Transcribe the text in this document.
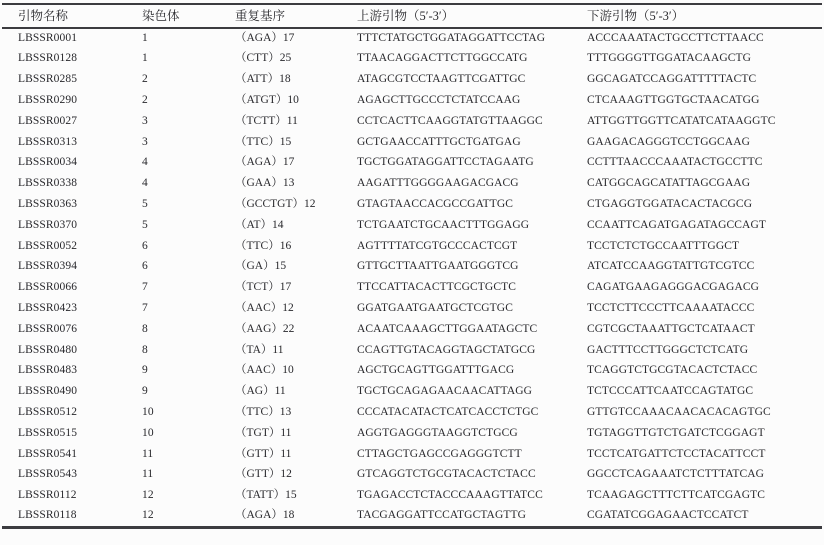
引物名称	染色体	重复基序	上游引物（5′-3′）	下游引物（5′-3′）
LBSSR0001	1	（AGA）17	TTTCTATGCTGGATAGGATTCCTAG	ACCCAAATACTGCCTTCTTAACC
LBSSR0128	1	（CTT）25	TTAACAGGACTTCTTGGCCATG	TTTGGGGTTGGATACAAGCTG
LBSSR0285	2	（ATT）18	ATAGCGTCCTAAGTTCGATTGC	GGCAGATCCAGGATTTTTACTC
LBSSR0290	2	（ATGT）10	AGAGCTTGCCCTCTATCCAAG	CTCAAAGTTGGTGCTAACATGG
LBSSR0027	3	（TCTT）11	CCTCACTTCAAGGTATGTTAAGGC	ATTGGTTGGTTCATATCATAAGGTC
LBSSR0313	3	（TTC）15	GCTGAACCATTTGCTGATGAG	GAAGACAGGGTCCTGGCAAG
LBSSR0034	4	（AGA）17	TGCTGGATAGGATTCCTAGAATG	CCTTTAACCCAAATACTGCCTTC
LBSSR0338	4	（GAA）13	AAGATTTGGGGAAGACGACG	CATGGCAGCATATTAGCGAAG
LBSSR0363	5	（GCCTGT）12	GTAGTAACCACGCCGATTGC	CTGAGGTGGATACACTACGCG
LBSSR0370	5	（AT）14	TCTGAATCTGCAACTTTGGAGG	CCAATTCAGATGAGATAGCCAGT
LBSSR0052	6	（TTC）16	AGTTTTATCGTGCCCACTCGT	TCCTCTCTGCCAATTTGGCT
LBSSR0394	6	（GA）15	GTTGCTTAATTGAATGGGTCG	ATCATCCAAGGTATTGTCGTCC
LBSSR0066	7	（TCT）17	TTCCATTACACTTCGCTGCTC	CAGATGAAGAGGGACGAGACG
LBSSR0423	7	（AAC）12	GGATGAATGAATGCTCGTGC	TCCTCTTCCCTTCAAAATACCC
LBSSR0076	8	（AAG）22	ACAATCAAAGCTTGGAATAGCTC	CGTCGCTAAATTGCTCATAACT
LBSSR0480	8	（TA）11	CCAGTTGTACAGGTAGCTATGCG	GACTTTCCTTGGGCTCTCATG
LBSSR0483	9	（AAC）10	AGCTGCAGTTGGATTTGACG	TCAGGTCTGCGTACACTCTACC
LBSSR0490	9	（AG）11	TGCTGCAGAGAACAACATTAGG	TCTCCCATTCAATCCAGTATGC
LBSSR0512	10	（TTC）13	CCCATACATACTCATCACCTCTGC	GTTGTCCAAACAACACACAGTGC
LBSSR0515	10	（TGT）11	AGGTGAGGGTAAGGTCTGCG	TGTAGGTTGTCTGATCTCGGAGT
LBSSR0541	11	（GTT）11	CTTAGCTGAGCCGAGGGTCTT	TCCTCATGATTCTCCTACATTCCT
LBSSR0543	11	（GTT）12	GTCAGGTCTGCGTACACTCTACC	GGCCTCAGAAATCTCTTTATCAG
LBSSR0112	12	（TATT）15	TGAGACCTCTACCCAAAGTTATCC	TCAAGAGCTTTCTTCATCGAGTC
LBSSR0118	12	（AGA）18	TACGAGGATTCCATGCTAGTTG	CGATATCGGAGAACTCCATCT
